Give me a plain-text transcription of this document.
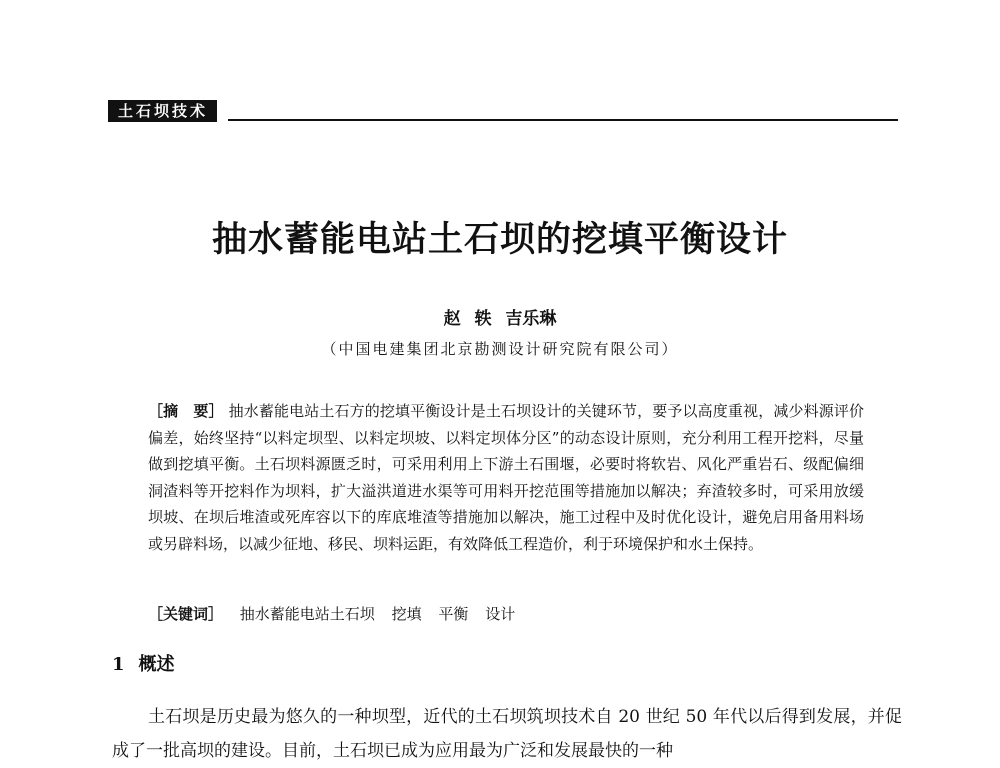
土石坝技术
抽水蓄能电站土石坝的挖填平衡设计
赵 轶 吉乐琳
（中国电建集团北京勘测设计研究院有限公司）
［摘　要］ 抽水蓄能电站土石方的挖填平衡设计是土石坝设计的关键环节，要予以高度重视，减少料源评价偏差，始终坚持“以料定坝型、以料定坝坡、以料定坝体分区”的动态设计原则，充分利用工程开挖料，尽量做到挖填平衡。土石坝料源匮乏时，可采用利用上下游土石围堰，必要时将软岩、风化严重岩石、级配偏细洞渣料等开挖料作为坝料，扩大溢洪道进水渠等可用料开挖范围等措施加以解决；弃渣较多时，可采用放缓坝坡、在坝后堆渣或死库容以下的库底堆渣等措施加以解决，施工过程中及时优化设计，避免启用备用料场或另辟料场，以减少征地、移民、坝料运距，有效降低工程造价，利于环境保护和水土保持。
［关键词］ 抽水蓄能电站土石坝 挖填 平衡 设计
1 概述
土石坝是历史最为悠久的一种坝型，近代的土石坝筑坝技术自 20 世纪 50 年代以后得到发展，并促成了一批高坝的建设。目前，土石坝已成为应用最为广泛和发展最快的一种
